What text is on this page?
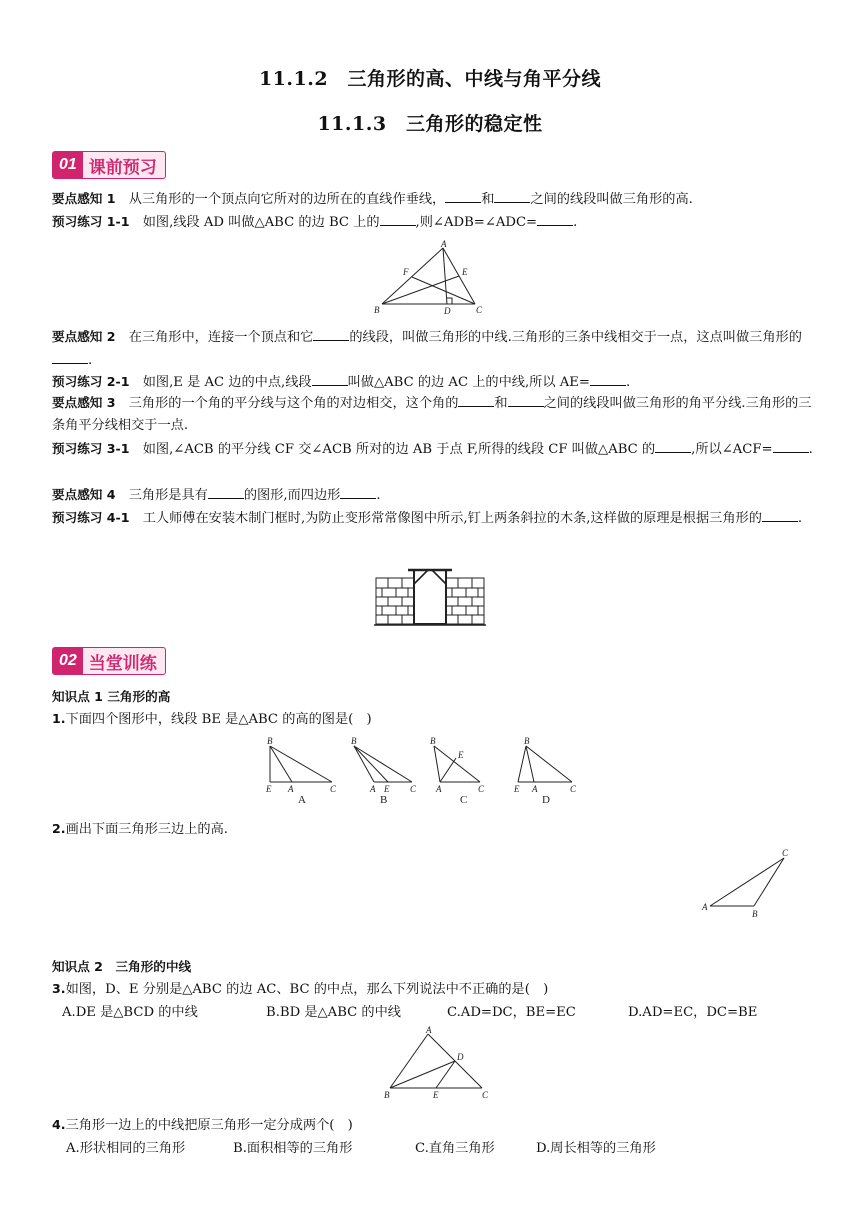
11.1.2　三角形的高、中线与角平分线
11.1.3　三角形的稳定性
01 课前预习
要点感知 1　 从三角形的一个顶点向它所对的边所在的直线作垂线，	和	之间的线段叫做三角形的高.
预习练习 1-1　 如图,线段 AD 叫做△ABC 的边 BC 上的	,则∠ADB=∠ADC=	.
A
B	C
D
E
F
要点感知 2　 在三角形中，连接一个顶点和它	的线段，叫做三角形的中线.三角形的三条中线相交于一点，这点叫做三角形的.
预习练习 2-1　 如图,E 是 AC 边的中点,线段	叫做△ABC 的边 AC 上的中线,所以 AE=	.
要点感知 3　 三角形的一个角的平分线与这个角的对边相交，这个角的	和	之间的线段叫做三角形的角平分线.三角形的三条角平分线相交于一点.
预习练习 3-1　 如图,∠ACB 的平分线 CF 交∠ACB 所对的边 AB 于点 F,所得的线段 CF 叫做△ABC 的	,所以∠ACF=	.
要点感知 4　 三角形是具有	的图形,而四边形	.
预习练习 4-1　 工人师傅在安装木制门框时,为防止变形常常像图中所示,钉上两条斜拉的木条,这样做的原理是根据三角形的	.
02 当堂训练
知识点 1 三角形的高
1.下面四个图形中，线段 BE 是△ABC 的高的图是(　)
B
E A	C
B
A E C
B
E
A	C
B
E A	C
A	B	C	D
2.画出下面三角形三边上的高.
A
B
C
知识点 2　三角形的中线
3.如图，D、E 分别是△ABC 的边 AC、BC 的中点，那么下列说法中不正确的是(　)
A.DE 是△BCD 的中线	B.BD 是△ABC 的中线	C.AD=DC，BE=EC	D.AD=EC，DC=BE
A
B	C
D
E
4.三角形一边上的中线把原三角形一定分成两个(　)
A.形状相同的三角形	B.面积相等的三角形	C.直角三角形	D.周长相等的三角形
